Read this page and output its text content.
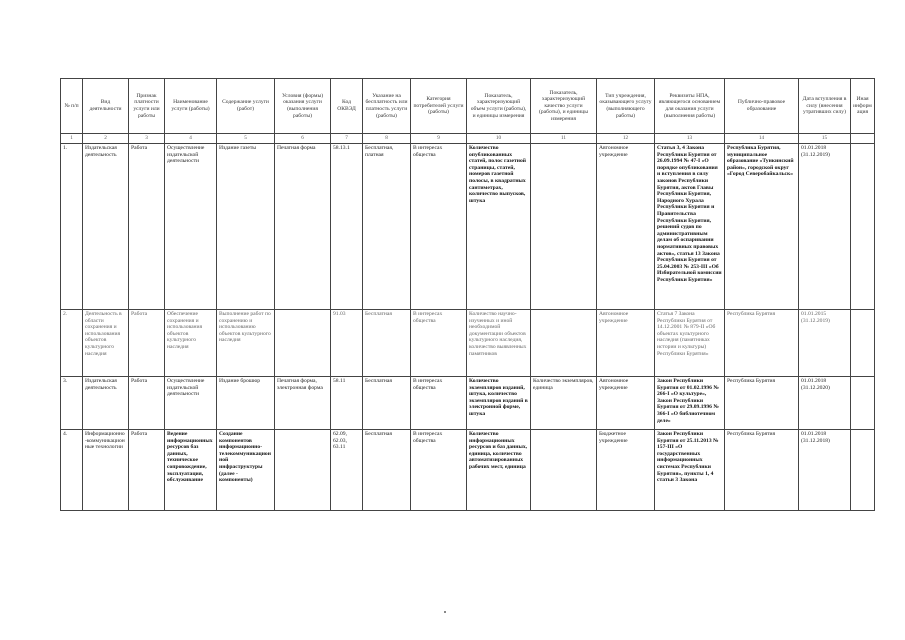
№ п/п	Вид деятельности	Признак платности услуги или работы	Наименование услуги (работы)	Содержание услуги (работ)	Условия (формы) оказания услуги (выполнения работы)	Код ОКВЭД	Указание на бесплатность или платность услуги (работы)	Категория потребителей услуги (работы)	Показатель, характеризующий объем услуги (работы), и единицы измерения	Показатель, характеризующий качество услуги (работы), и единицы измерения	Тип учреждения, оказывающего услугу (выполняющего работы)	Реквизиты НПА, являющегося основанием для оказания услуги (выполнения работы)	Публично-правовое образование	Дата вступления в силу (внесения утративших силу)	Иная информация
1	2	3	4	5	6	7	8	9	10	11	12	13	14	15	
1.	Издательская деятельность	Работа	Осуществление издательской деятельности	Издание газеты	Печатная форма	58.13.1	Бесплатная, платная	В интересах общества	Количество опубликованных статей, полос газетной страницы, статей, номеров газетной полосы, в квадратных сантиметрах, количество выпусков, штука		Автономное учреждение	Статья 3, 4 Закона Республики Бурятия от 26.09.1994 № 47-I «О порядке опубликования и вступления в силу законов Республики Бурятия, актов Главы Республики Бурятия, Народного Хурала Республики Бурятия и Правительства Республики Бурятия, решений судов по административным делам об оспаривании нормативных правовых актов», статья 13 Закона Республики Бурятия от 25.04.2003 № 253-III «Об Избирательной комиссии Республики Бурятия»	Республика Бурятия, муниципальное образование «Тункинский район», городской округ «Город Северобайкальск»	01.01.2018 (31.12.2019)	
2.	Деятельность в области сохранения и использования объектов культурного наследия	Работа	Обеспечение сохранения и использования объектов культурного наследия	Выполнение работ по сохранению и использованию объектов культурного наследия		91.03	Бесплатная	В интересах общества	Количество научно-изученных и иной необходимой документации объектов культурного наследия, количество выявленных памятников		Автономное учреждение	Статья 7 Закона Республики Бурятия от 14.12.2001 № 879-II «Об объектах культурного наследия (памятниках истории и культуры) Республики Бурятия»	Республика Бурятия	01.01.2015 (31.12.2019)	
3.	Издательская деятельность	Работа	Осуществление издательской деятельности	Издание брошюр	Печатная форма, электронная форма	58.11	Бесплатная	В интересах общества	Количество экземпляров изданий, штука, количество экземпляров изданий в электронной форме, штука	Количество экземпляров, единица	Автономное учреждение	Закон Республики Бурятия от 01.02.1996 № 266-I «О культуре», Закон Республики Бурятия от 29.09.1996 № 366-I «О библиотечном деле»	Республика Бурятия	01.01.2018 (31.12.2020)	
4.	Информационно-коммуникационные технологии	Работа	Ведение информационных ресурсов баз данных, техническое сопровождение, эксплуатация, обслуживание	Создание компонентов информационно-телекоммуникационной инфраструктуры (далее - компоненты)		62.09, 62.03, 63.11	Бесплатная	В интересах общества	Количество информационных ресурсов и баз данных, единица, количество автоматизированных рабочих мест, единица		Бюджетное учреждение	Закон Республики Бурятия от 25.11.2013 № 157-III «О государственных информационных системах Республики Бурятия», пункты 1, 4 статьи 3 Закона	Республика Бурятия	01.01.2018 (31.12.2018)	
